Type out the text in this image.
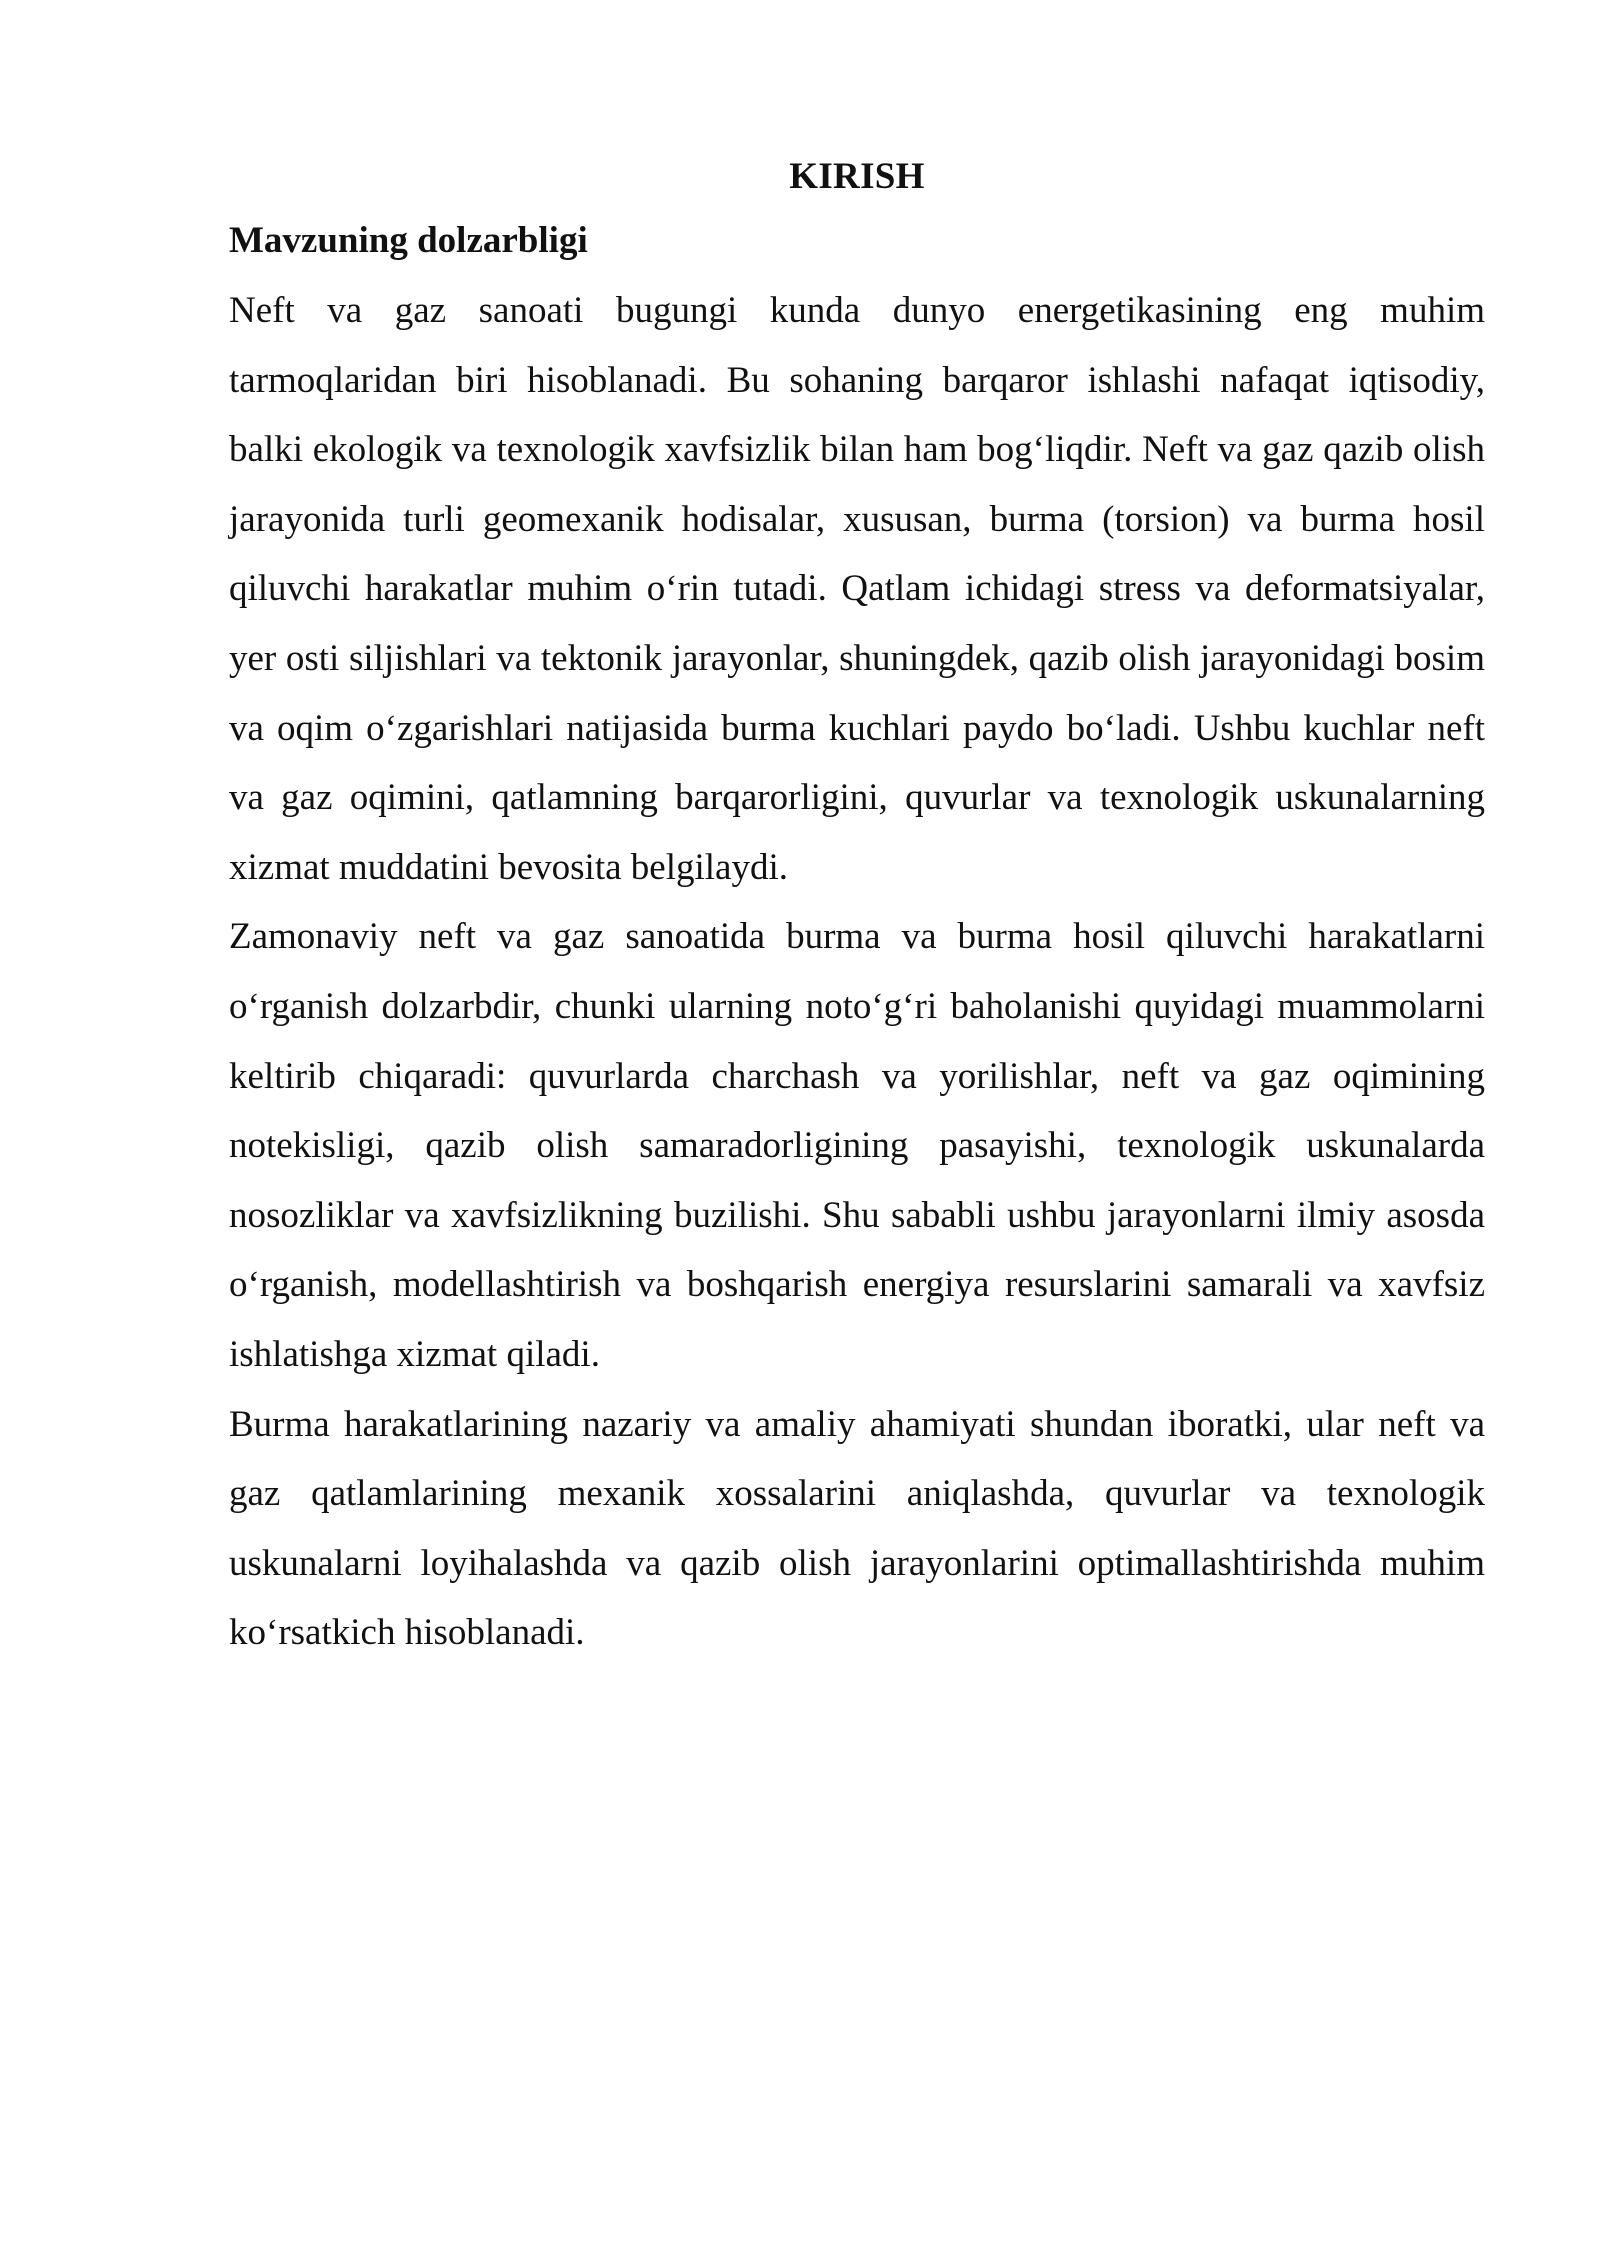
KIRISH
Mavzuning dolzarbligi

Neft va gaz sanoati bugungi kunda dunyo energetikasining eng muhim tarmoqlaridan biri hisoblanadi. Bu sohaning barqaror ishlashi nafaqat iqtisodiy, balki ekologik va texnologik xavfsizlik bilan ham bog‘liqdir. Neft va gaz qazib olish jarayonida turli geomexanik hodisalar, xususan, burma (torsion) va burma hosil qiluvchi harakatlar muhim o‘rin tutadi. Qatlam ichidagi stress va deformatsiyalar, yer osti siljishlari va tektonik jarayonlar, shuningdek, qazib olish jarayonidagi bosim va oqim o‘zgarishlari natijasida burma kuchlari paydo bo‘ladi. Ushbu kuchlar neft va gaz oqimini, qatlamning barqarorligini, quvurlar va texnologik uskunalarning xizmat muddatini bevosita belgilaydi.

Zamonaviy neft va gaz sanoatida burma va burma hosil qiluvchi harakatlarni o‘rganish dolzarbdir, chunki ularning noto‘g‘ri baholanishi quyidagi muammolarni keltirib chiqaradi: quvurlarda charchash va yorilishlar, neft va gaz oqimining notekisligi, qazib olish samaradorligining pasayishi, texnologik uskunalarda nosozliklar va xavfsizlikning buzilishi. Shu sababli ushbu jarayonlarni ilmiy asosda o‘rganish, modellashtirish va boshqarish energiya resurslarini samarali va xavfsiz ishlatishga xizmat qiladi.

Burma harakatlarining nazariy va amaliy ahamiyati shundan iboratki, ular neft va gaz qatlamlarining mexanik xossalarini aniqlashda, quvurlar va texnologik uskunalarni loyihalashda va qazib olish jarayonlarini optimallashtirishda muhim ko‘rsatkich hisoblanadi.
